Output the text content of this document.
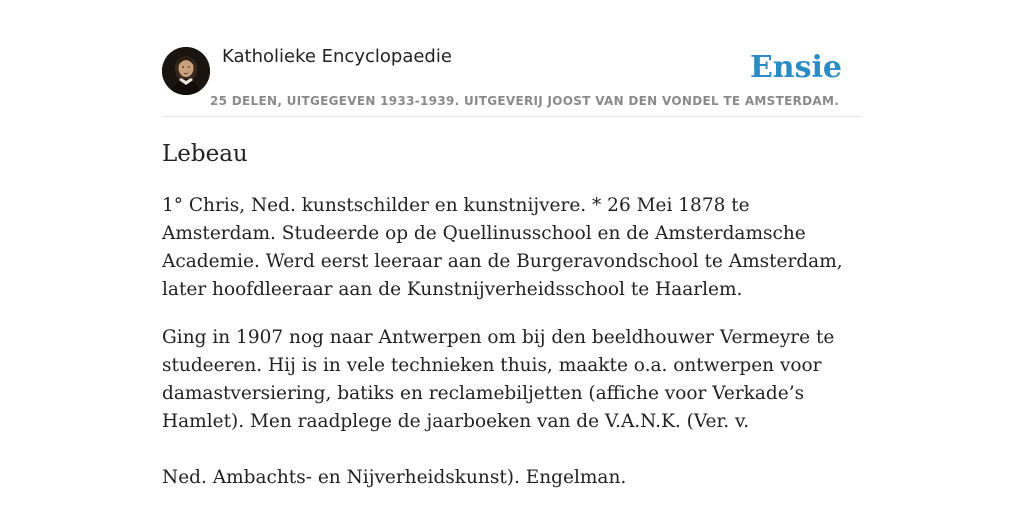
Katholieke Encyclopaedie	Ensie
25 DELEN, UITGEGEVEN 1933-1939. UITGEVERIJ JOOST VAN DEN VONDEL TE AMSTERDAM.
Lebeau

1° Chris, Ned. kunstschilder en kunstnijvere. * 26 Mei 1878 te Amsterdam. Studeerde op de Quellinusschool en de Amsterdamsche Academie. Werd eerst leeraar aan de Burgeravondschool te Amsterdam, later hoofdleeraar aan de Kunstnijverheidsschool te Haarlem.

Ging in 1907 nog naar Antwerpen om bij den beeldhouwer Vermeyre te studeeren. Hij is in vele technieken thuis, maakte o.a. ontwerpen voor damastversiering, batiks en reclamebiljetten (affiche voor Verkade’s Hamlet). Men raadplege de jaarboeken van de V.A.N.K. (Ver. v.

Ned. Ambachts- en Nijverheidskunst). Engelman.
